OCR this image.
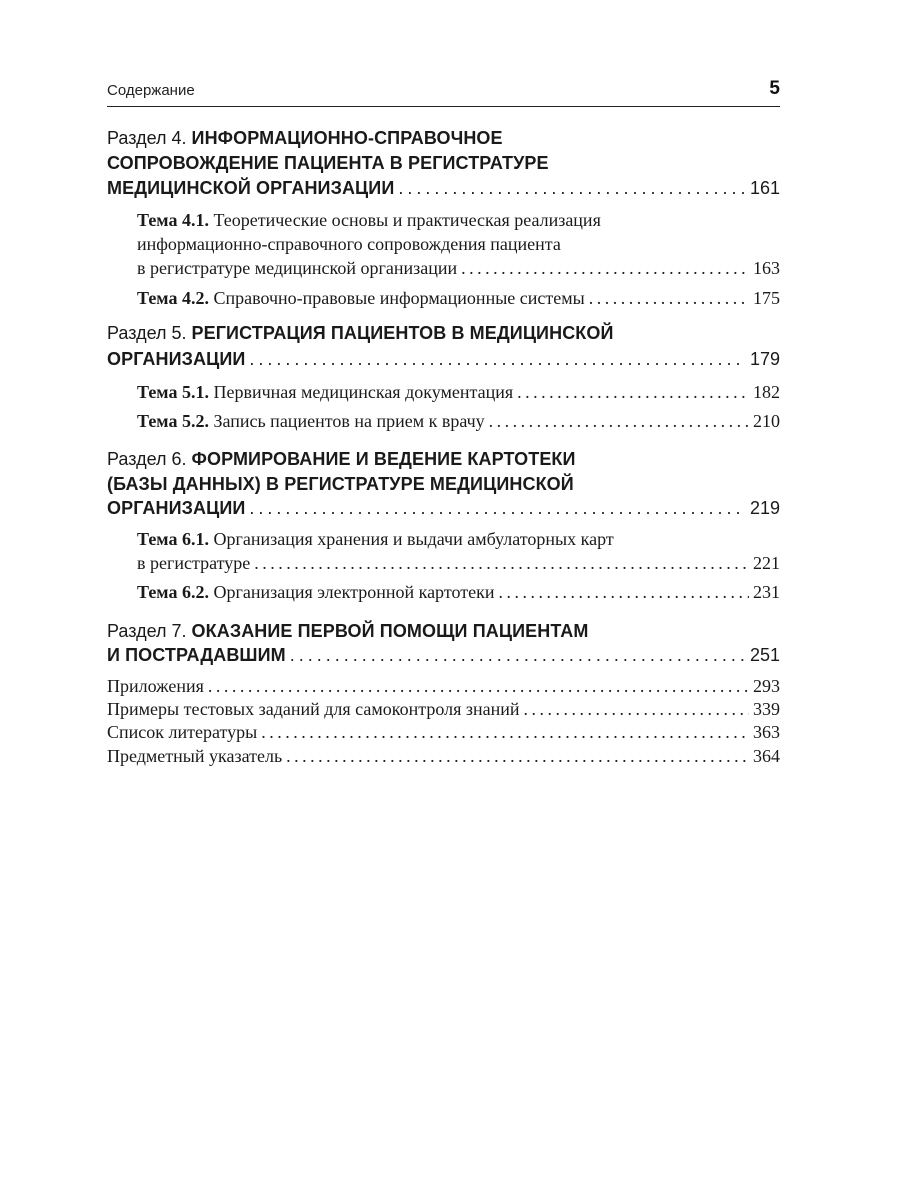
Содержание	5
Раздел 4. ИНФОРМАЦИОННО-СПРАВОЧНОЕ
СОПРОВОЖДЕНИЕ ПАЦИЕНТА В РЕГИСТРАТУРЕ
МЕДИЦИНСКОЙ ОРГАНИЗАЦИИ . . .	161
Тема 4.1. Теоретические основы и практическая реализация
информационно-справочного сопровождения пациента
в регистратуре медицинской организации . . .	163
Тема 4.2. Справочно-правовые информационные системы . . .	175
Раздел 5. РЕГИСТРАЦИЯ ПАЦИЕНТОВ В МЕДИЦИНСКОЙ
ОРГАНИЗАЦИИ . . .	179
Тема 5.1. Первичная медицинская документация . . .	182
Тема 5.2. Запись пациентов на прием к врачу . . .	210
Раздел 6. ФОРМИРОВАНИЕ И ВЕДЕНИЕ КАРТОТЕКИ
(БАЗЫ ДАННЫХ) В РЕГИСТРАТУРЕ МЕДИЦИНСКОЙ
ОРГАНИЗАЦИИ . . .	219
Тема 6.1. Организация хранения и выдачи амбулаторных карт
в регистратуре . . .	221
Тема 6.2. Организация электронной картотеки . . .	231
Раздел 7. ОКАЗАНИЕ ПЕРВОЙ ПОМОЩИ ПАЦИЕНТАМ
И ПОСТРАДАВШИМ . . .	251
Приложения . . .	293
Примеры тестовых заданий для самоконтроля знаний . . .	339
Список литературы . . .	363
Предметный указатель . . .	364
